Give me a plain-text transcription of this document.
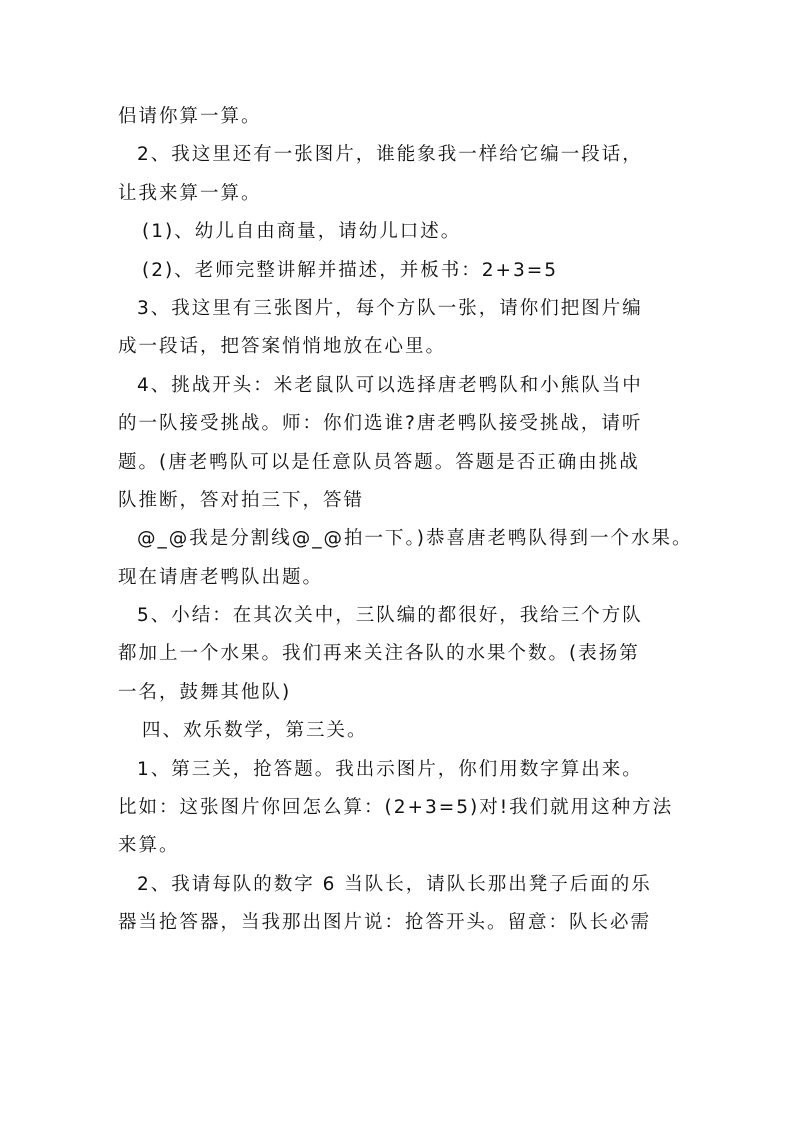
侣请你算一算。

2、我这里还有一张图片，谁能象我一样给它编一段话，

让我来算一算。

(1)、幼儿自由商量，请幼儿口述。

(2)、老师完整讲解并描述，并板书：2+3=5

3、我这里有三张图片，每个方队一张，请你们把图片编

成一段话，把答案悄悄地放在心里。

4、挑战开头：米老鼠队可以选择唐老鸭队和小熊队当中

的一队接受挑战。师：你们选谁?唐老鸭队接受挑战，请听

题。(唐老鸭队可以是任意队员答题。答题是否正确由挑战

队推断，答对拍三下，答错

@_@我是分割线@_@拍一下。)恭喜唐老鸭队得到一个水果。

现在请唐老鸭队出题。

5、小结：在其次关中，三队编的都很好，我给三个方队

都加上一个水果。我们再来关注各队的水果个数。(表扬第

一名，鼓舞其他队)

四、欢乐数学，第三关。

1、第三关，抢答题。我出示图片，你们用数字算出来。

比如：这张图片你回怎么算：(2+3=5)对!我们就用这种方法

来算。

2、我请每队的数字 6 当队长，请队长那出凳子后面的乐

器当抢答器，当我那出图片说：抢答开头。留意：队长必需
